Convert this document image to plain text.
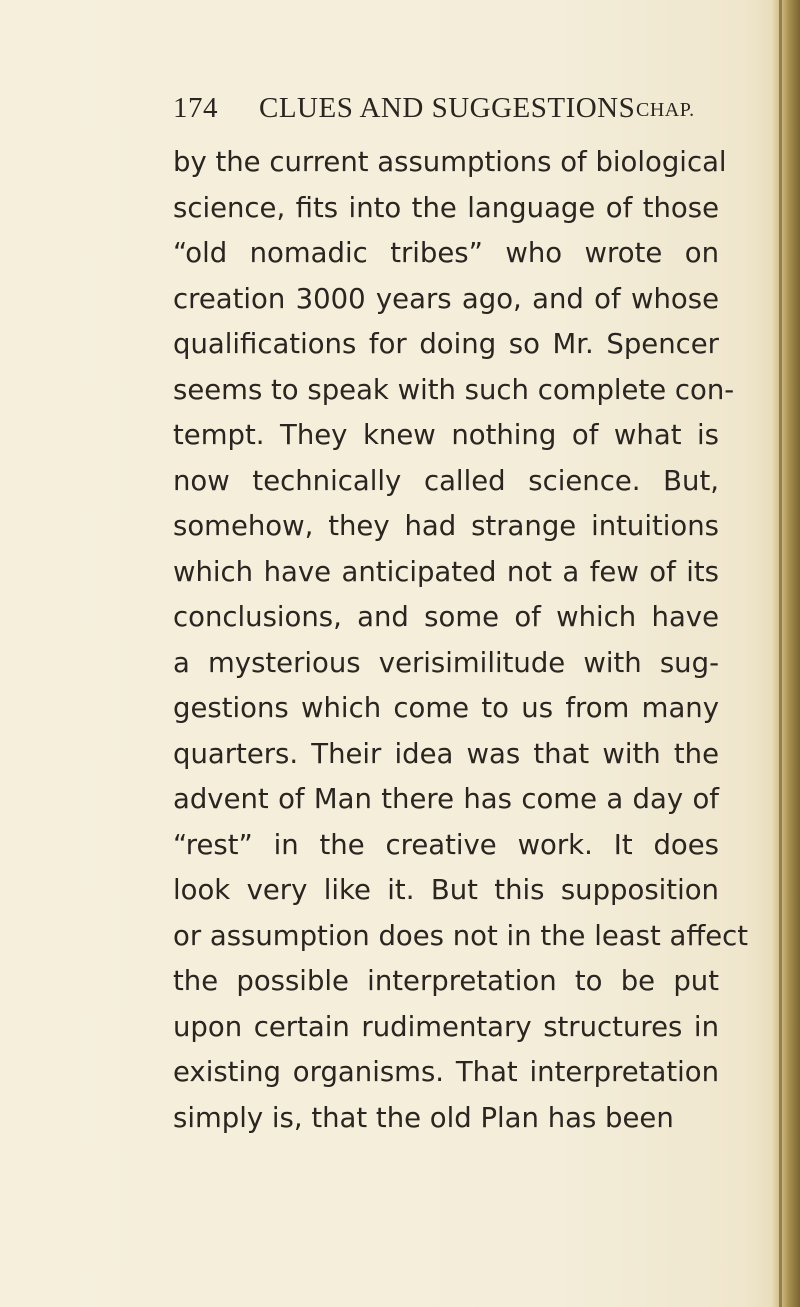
174 CLUES AND SUGGESTIONS CHAP.
by the current assumptions of biological
science, fits into the language of those
“old nomadic tribes” who wrote on
creation 3000 years ago, and of whose
qualifications for doing so Mr. Spencer
seems to speak with such complete con-
tempt. They knew nothing of what is
now technically called science. But,
somehow, they had strange intuitions
which have anticipated not a few of its
conclusions, and some of which have
a mysterious verisimilitude with sug-
gestions which come to us from many
quarters. Their idea was that with the
advent of Man there has come a day of
“rest” in the creative work. It does
look very like it. But this supposition
or assumption does not in the least affect
the possible interpretation to be put
upon certain rudimentary structures in
existing organisms. That interpretation
simply is, that the old Plan has been
